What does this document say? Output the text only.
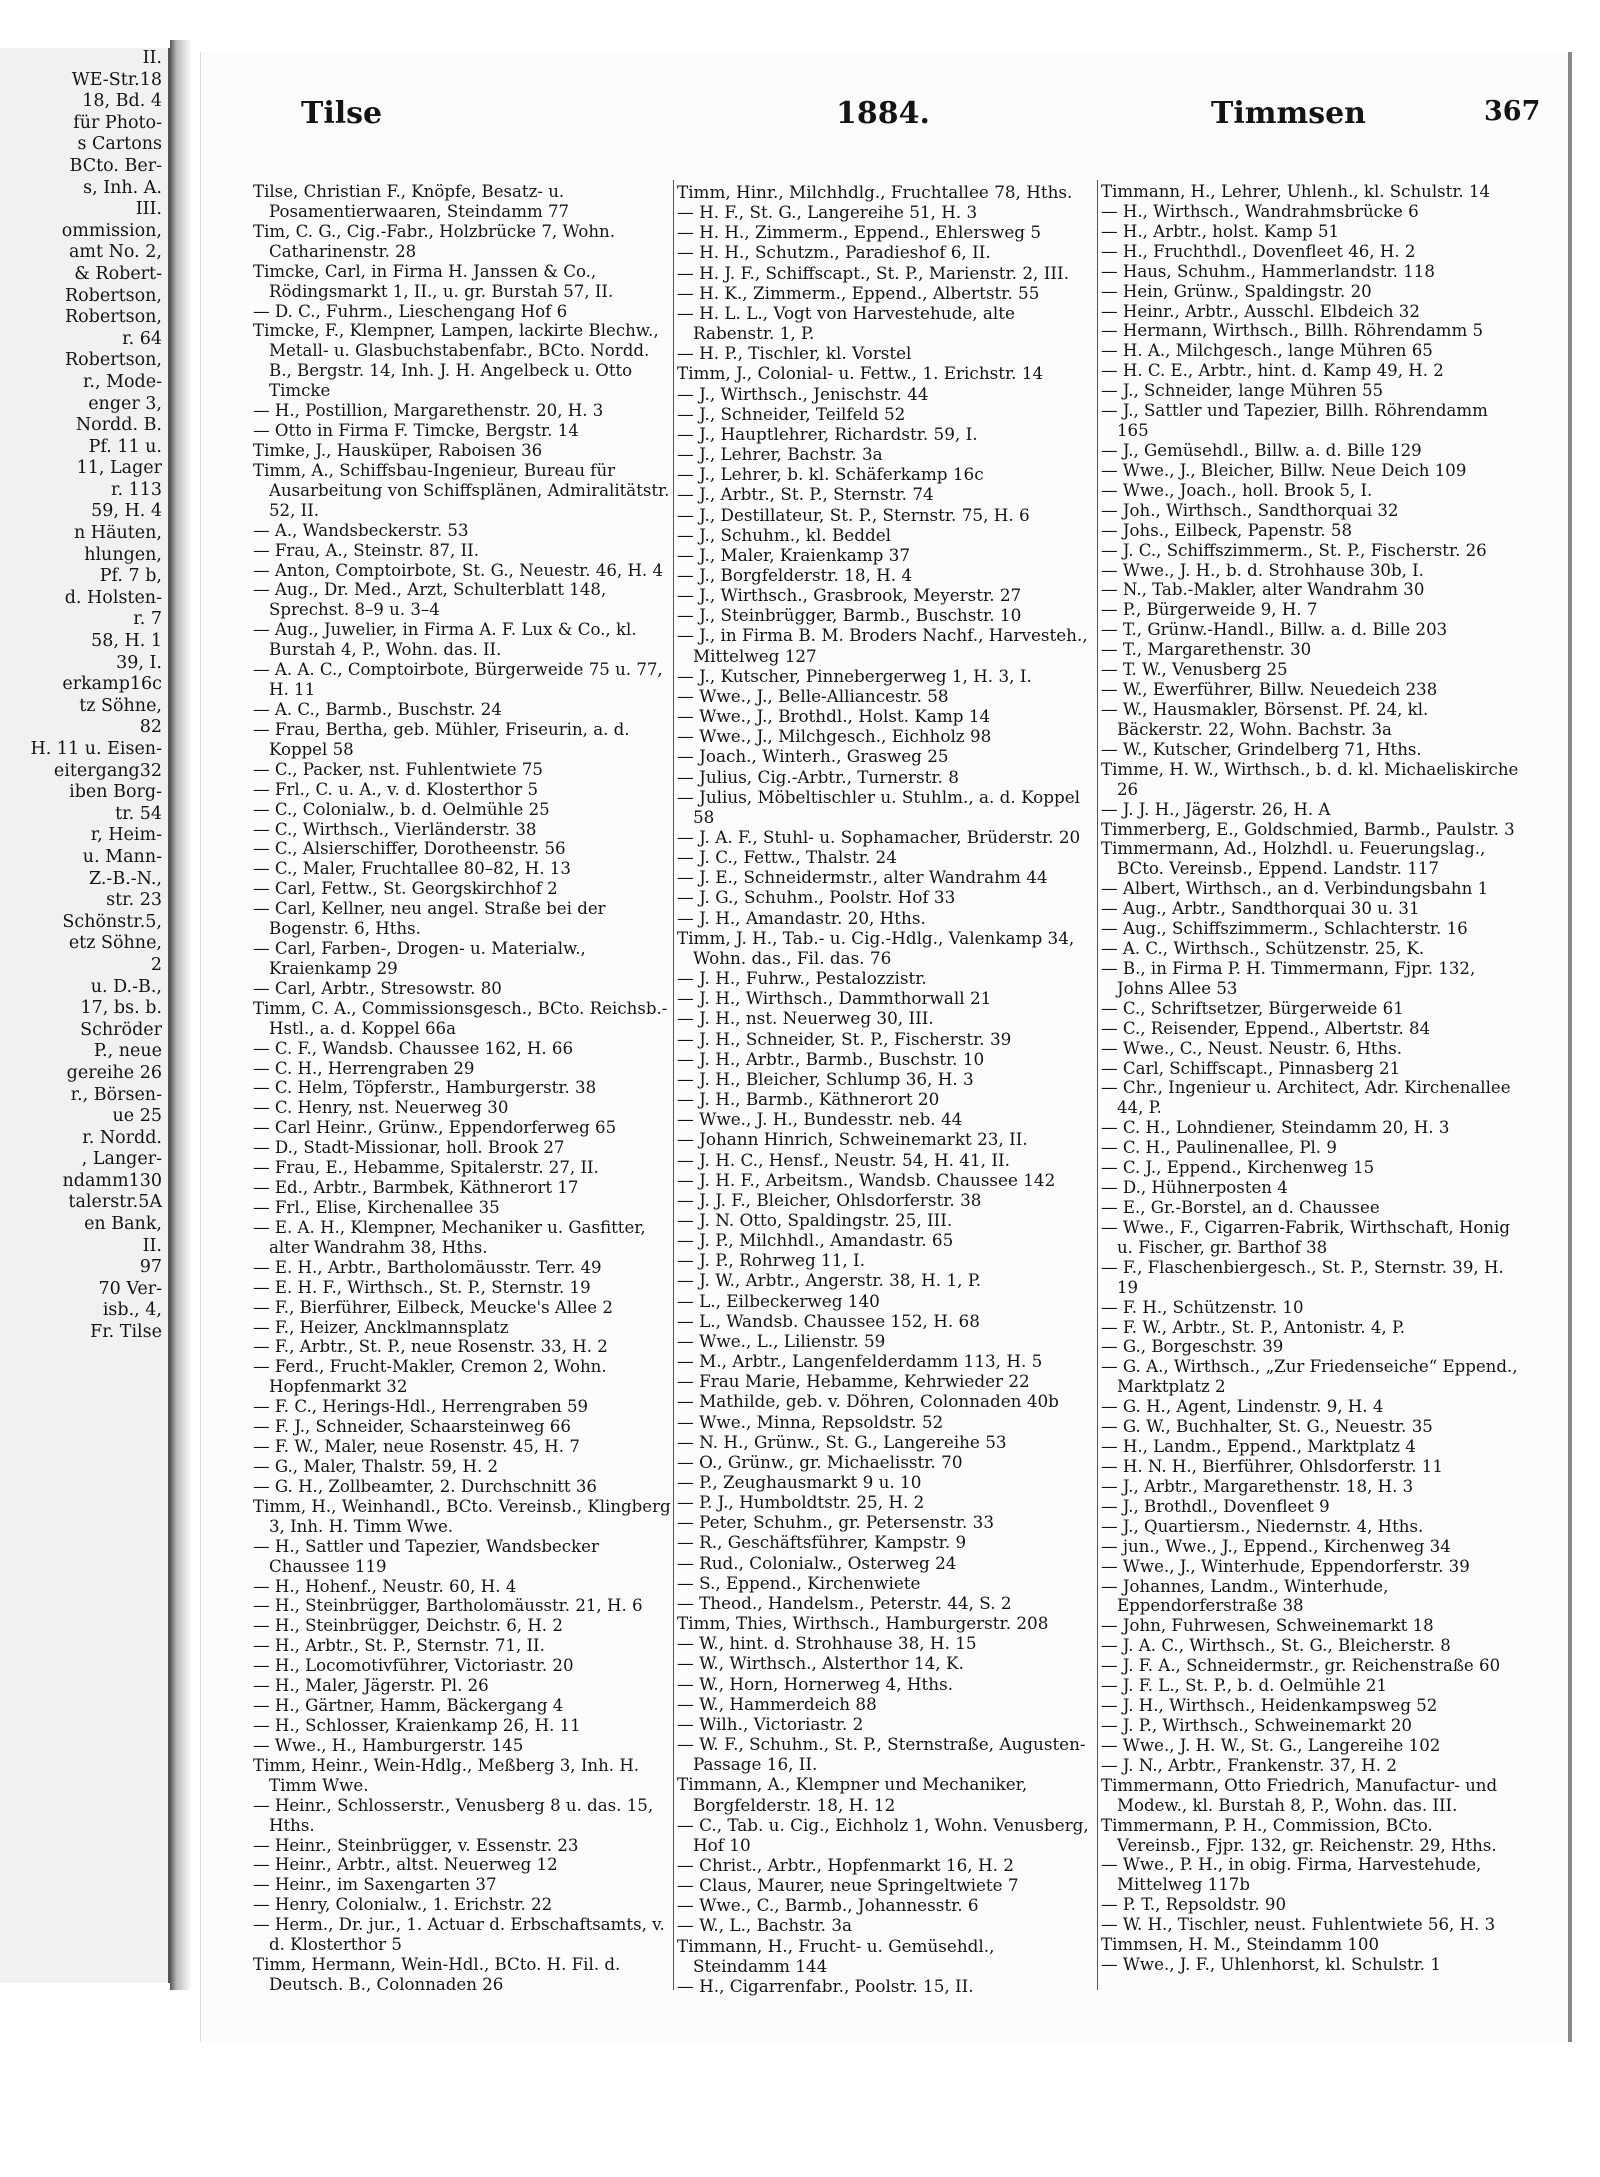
II.
WE-Str.18
18, Bd. 4
für Photo-
s Cartons
BCto. Ber-
s, Inh. A.
III.
ommission,
amt No. 2,
& Robert-
Robertson,
Robertson,
r. 64
Robertson,
r., Mode-
enger 3,
Nordd. B.
Pf. 11 u.
11, Lager
r. 113
59, H. 4
n Häuten,
hlungen,
Pf. 7 b,
d. Holsten-
r. 7
58, H. 1
39, I.
erkamp16c
tz Söhne,
82
H. 11 u. Eisen-
eitergang32
iben Borg-
tr. 54
r, Heim-
u. Mann-
Z.-B.-N.,
str. 23
Schönstr.5,
etz Söhne,
2
u. D.-B.,
17, bs. b.
Schröder
P., neue
gereihe 26
r., Börsen-
ue 25
r. Nordd.
, Langer-
ndamm130
talerstr.5A
en Bank,
II.
97
70 Ver-
isb., 4,
Fr. Tilse
Tilse	1884.	Timmsen	367

Tilse, Christian F., Knöpfe, Besatz- u. Posamentierwaaren, Steindamm 77

Tim, C. G., Cig.-Fabr., Holzbrücke 7, Wohn. Catharinenstr. 28

Timcke, Carl, in Firma H. Janssen & Co., Rödingsmarkt 1, II., u. gr. Burstah 57, II.

— D. C., Fuhrm., Lieschengang Hof 6

Timcke, F., Klempner, Lampen, lackirte Blechw., Metall- u. Glasbuchstabenfabr., BCto. Nordd. B., Bergstr. 14, Inh. J. H. Angelbeck u. Otto Timcke

— H., Postillion, Margarethenstr. 20, H. 3

— Otto in Firma F. Timcke, Bergstr. 14

Timke, J., Hausküper, Raboisen 36

Timm, A., Schiffsbau-Ingenieur, Bureau für Ausarbeitung von Schiffsplänen, Admiralitätstr. 52, II.

— A., Wandsbeckerstr. 53

— Frau, A., Steinstr. 87, II.

— Anton, Comptoirbote, St. G., Neuestr. 46, H. 4

— Aug., Dr. Med., Arzt, Schulterblatt 148, Sprechst. 8–9 u. 3–4

— Aug., Juwelier, in Firma A. F. Lux & Co., kl. Burstah 4, P., Wohn. das. II.

— A. A. C., Comptoirbote, Bürgerweide 75 u. 77, H. 11

— A. C., Barmb., Buschstr. 24

— Frau, Bertha, geb. Mühler, Friseurin, a. d. Koppel 58

— C., Packer, nst. Fuhlentwiete 75

— Frl., C. u. A., v. d. Klosterthor 5

— C., Colonialw., b. d. Oelmühle 25

— C., Wirthsch., Vierländerstr. 38

— C., Alsierschiffer, Dorotheenstr. 56

— C., Maler, Fruchtallee 80–82, H. 13

— Carl, Fettw., St. Georgskirchhof 2

— Carl, Kellner, neu angel. Straße bei der Bogenstr. 6, Hths.

— Carl, Farben-, Drogen- u. Materialw., Kraienkamp 29

— Carl, Arbtr., Stresowstr. 80

Timm, C. A., Commissionsgesch., BCto. Reichsb.-Hstl., a. d. Koppel 66a

— C. F., Wandsb. Chaussee 162, H. 66

— C. H., Herrengraben 29

— C. Helm, Töpferstr., Hamburgerstr. 38

— C. Henry, nst. Neuerweg 30

— Carl Heinr., Grünw., Eppendorferweg 65

— D., Stadt-Missionar, holl. Brook 27

— Frau, E., Hebamme, Spitalerstr. 27, II.

— Ed., Arbtr., Barmbek, Käthnerort 17

— Frl., Elise, Kirchenallee 35

— E. A. H., Klempner, Mechaniker u. Gasfitter, alter Wandrahm 38, Hths.

— E. H., Arbtr., Bartholomäusstr. Terr. 49

— E. H. F., Wirthsch., St. P., Sternstr. 19

— F., Bierführer, Eilbeck, Meucke's Allee 2

— F., Heizer, Ancklmannsplatz

— F., Arbtr., St. P., neue Rosenstr. 33, H. 2

— Ferd., Frucht-Makler, Cremon 2, Wohn. Hopfenmarkt 32

— F. C., Herings-Hdl., Herrengraben 59

— F. J., Schneider, Schaarsteinweg 66

— F. W., Maler, neue Rosenstr. 45, H. 7

— G., Maler, Thalstr. 59, H. 2

— G. H., Zollbeamter, 2. Durchschnitt 36

Timm, H., Weinhandl., BCto. Vereinsb., Klingberg 3, Inh. H. Timm Wwe.

— H., Sattler und Tapezier, Wandsbecker Chaussee 119

— H., Hohenf., Neustr. 60, H. 4

— H., Steinbrügger, Bartholomäusstr. 21, H. 6

— H., Steinbrügger, Deichstr. 6, H. 2

— H., Arbtr., St. P., Sternstr. 71, II.

— H., Locomotivführer, Victoriastr. 20

— H., Maler, Jägerstr. Pl. 26

— H., Gärtner, Hamm, Bäckergang 4

— H., Schlosser, Kraienkamp 26, H. 11

— Wwe., H., Hamburgerstr. 145

Timm, Heinr., Wein-Hdlg., Meßberg 3, Inh. H. Timm Wwe.

— Heinr., Schlosserstr., Venusberg 8 u. das. 15, Hths.

— Heinr., Steinbrügger, v. Essenstr. 23

— Heinr., Arbtr., altst. Neuerweg 12

— Heinr., im Saxengarten 37

— Henry, Colonialw., 1. Erichstr. 22

— Herm., Dr. jur., 1. Actuar d. Erbschaftsamts, v. d. Klosterthor 5

Timm, Hermann, Wein-Hdl., BCto. H. Fil. d. Deutsch. B., Colonnaden 26

Timm, Hinr., Milchhdlg., Fruchtallee 78, Hths.

— H. F., St. G., Langereihe 51, H. 3

— H. H., Zimmerm., Eppend., Ehlersweg 5

— H. H., Schutzm., Paradieshof 6, II.

— H. J. F., Schiffscapt., St. P., Marienstr. 2, III.

— H. K., Zimmerm., Eppend., Albertstr. 55

— H. L. L., Vogt von Harvestehude, alte Rabenstr. 1, P.

— H. P., Tischler, kl. Vorstel

Timm, J., Colonial- u. Fettw., 1. Erichstr. 14

— J., Wirthsch., Jenischstr. 44

— J., Schneider, Teilfeld 52

— J., Hauptlehrer, Richardstr. 59, I.

— J., Lehrer, Bachstr. 3a

— J., Lehrer, b. kl. Schäferkamp 16c

— J., Arbtr., St. P., Sternstr. 74

— J., Destillateur, St. P., Sternstr. 75, H. 6

— J., Schuhm., kl. Beddel

— J., Maler, Kraienkamp 37

— J., Borgfelderstr. 18, H. 4

— J., Wirthsch., Grasbrook, Meyerstr. 27

— J., Steinbrügger, Barmb., Buschstr. 10

— J., in Firma B. M. Broders Nachf., Harvesteh., Mittelweg 127

— J., Kutscher, Pinnebergerweg 1, H. 3, I.

— Wwe., J., Belle-Alliancestr. 58

— Wwe., J., Brothdl., Holst. Kamp 14

— Wwe., J., Milchgesch., Eichholz 98

— Joach., Winterh., Grasweg 25

— Julius, Cig.-Arbtr., Turnerstr. 8

— Julius, Möbeltischler u. Stuhlm., a. d. Koppel 58

— J. A. F., Stuhl- u. Sophamacher, Brüderstr. 20

— J. C., Fettw., Thalstr. 24

— J. E., Schneidermstr., alter Wandrahm 44

— J. G., Schuhm., Poolstr. Hof 33

— J. H., Amandastr. 20, Hths.

Timm, J. H., Tab.- u. Cig.-Hdlg., Valenkamp 34, Wohn. das., Fil. das. 76

— J. H., Fuhrw., Pestalozzistr.

— J. H., Wirthsch., Dammthorwall 21

— J. H., nst. Neuerweg 30, III.

— J. H., Schneider, St. P., Fischerstr. 39

— J. H., Arbtr., Barmb., Buschstr. 10

— J. H., Bleicher, Schlump 36, H. 3

— J. H., Barmb., Käthnerort 20

— Wwe., J. H., Bundesstr. neb. 44

— Johann Hinrich, Schweinemarkt 23, II.

— J. H. C., Hensf., Neustr. 54, H. 41, II.

— J. H. F., Arbeitsm., Wandsb. Chaussee 142

— J. J. F., Bleicher, Ohlsdorferstr. 38

— J. N. Otto, Spaldingstr. 25, III.

— J. P., Milchhdl., Amandastr. 65

— J. P., Rohrweg 11, I.

— J. W., Arbtr., Angerstr. 38, H. 1, P.

— L., Eilbeckerweg 140

— L., Wandsb. Chaussee 152, H. 68

— Wwe., L., Lilienstr. 59

— M., Arbtr., Langenfelderdamm 113, H. 5

— Frau Marie, Hebamme, Kehrwieder 22

— Mathilde, geb. v. Döhren, Colonnaden 40b

— Wwe., Minna, Repsoldstr. 52

— N. H., Grünw., St. G., Langereihe 53

— O., Grünw., gr. Michaelisstr. 70

— P., Zeughausmarkt 9 u. 10

— P. J., Humboldtstr. 25, H. 2

— Peter, Schuhm., gr. Petersenstr. 33

— R., Geschäftsführer, Kampstr. 9

— Rud., Colonialw., Osterweg 24

— S., Eppend., Kirchenwiete

— Theod., Handelsm., Peterstr. 44, S. 2

Timm, Thies, Wirthsch., Hamburgerstr. 208

— W., hint. d. Strohhause 38, H. 15

— W., Wirthsch., Alsterthor 14, K.

— W., Horn, Hornerweg 4, Hths.

— W., Hammerdeich 88

— Wilh., Victoriastr. 2

— W. F., Schuhm., St. P., Sternstraße, Augusten-Passage 16, II.

Timmann, A., Klempner und Mechaniker, Borgfelderstr. 18, H. 12

— C., Tab. u. Cig., Eichholz 1, Wohn. Venusberg, Hof 10

— Christ., Arbtr., Hopfenmarkt 16, H. 2

— Claus, Maurer, neue Springeltwiete 7

— Wwe., C., Barmb., Johannesstr. 6

— W., L., Bachstr. 3a

Timmann, H., Frucht- u. Gemüsehdl., Steindamm 144

— H., Cigarrenfabr., Poolstr. 15, II.

Timmann, H., Lehrer, Uhlenh., kl. Schulstr. 14

— H., Wirthsch., Wandrahmsbrücke 6

— H., Arbtr., holst. Kamp 51

— H., Fruchthdl., Dovenfleet 46, H. 2

— Haus, Schuhm., Hammerlandstr. 118

— Hein, Grünw., Spaldingstr. 20

— Heinr., Arbtr., Ausschl. Elbdeich 32

— Hermann, Wirthsch., Billh. Röhrendamm 5

— H. A., Milchgesch., lange Mühren 65

— H. C. E., Arbtr., hint. d. Kamp 49, H. 2

— J., Schneider, lange Mühren 55

— J., Sattler und Tapezier, Billh. Röhrendamm 165

— J., Gemüsehdl., Billw. a. d. Bille 129

— Wwe., J., Bleicher, Billw. Neue Deich 109

— Wwe., Joach., holl. Brook 5, I.

— Joh., Wirthsch., Sandthorquai 32

— Johs., Eilbeck, Papenstr. 58

— J. C., Schiffszimmerm., St. P., Fischerstr. 26

— Wwe., J. H., b. d. Strohhause 30b, I.

— N., Tab.-Makler, alter Wandrahm 30

— P., Bürgerweide 9, H. 7

— T., Grünw.-Handl., Billw. a. d. Bille 203

— T., Margarethenstr. 30

— T. W., Venusberg 25

— W., Ewerführer, Billw. Neuedeich 238

— W., Hausmakler, Börsenst. Pf. 24, kl. Bäckerstr. 22, Wohn. Bachstr. 3a

— W., Kutscher, Grindelberg 71, Hths.

Timme, H. W., Wirthsch., b. d. kl. Michaeliskirche 26

— J. J. H., Jägerstr. 26, H. A

Timmerberg, E., Goldschmied, Barmb., Paulstr. 3

Timmermann, Ad., Holzhdl. u. Feuerungslag., BCto. Vereinsb., Eppend. Landstr. 117

— Albert, Wirthsch., an d. Verbindungsbahn 1

— Aug., Arbtr., Sandthorquai 30 u. 31

— Aug., Schiffszimmerm., Schlachterstr. 16

— A. C., Wirthsch., Schützenstr. 25, K.

— B., in Firma P. H. Timmermann, Fjpr. 132, Johns Allee 53

— C., Schriftsetzer, Bürgerweide 61

— C., Reisender, Eppend., Albertstr. 84

— Wwe., C., Neust. Neustr. 6, Hths.

— Carl, Schiffscapt., Pinnasberg 21

— Chr., Ingenieur u. Architect, Adr. Kirchenallee 44, P.

— C. H., Lohndiener, Steindamm 20, H. 3

— C. H., Paulinenallee, Pl. 9

— C. J., Eppend., Kirchenweg 15

— D., Hühnerposten 4

— E., Gr.-Borstel, an d. Chaussee

— Wwe., F., Cigarren-Fabrik, Wirthschaft, Honig u. Fischer, gr. Barthof 38

— F., Flaschenbiergesch., St. P., Sternstr. 39, H. 19

— F. H., Schützenstr. 10

— F. W., Arbtr., St. P., Antonistr. 4, P.

— G., Borgeschstr. 39

— G. A., Wirthsch., „Zur Friedenseiche“ Eppend., Marktplatz 2

— G. H., Agent, Lindenstr. 9, H. 4

— G. W., Buchhalter, St. G., Neuestr. 35

— H., Landm., Eppend., Marktplatz 4

— H. N. H., Bierführer, Ohlsdorferstr. 11

— J., Arbtr., Margarethenstr. 18, H. 3

— J., Brothdl., Dovenfleet 9

— J., Quartiersm., Niedernstr. 4, Hths.

— jun., Wwe., J., Eppend., Kirchenweg 34

— Wwe., J., Winterhude, Eppendorferstr. 39

— Johannes, Landm., Winterhude, Eppendorferstraße 38

— John, Fuhrwesen, Schweinemarkt 18

— J. A. C., Wirthsch., St. G., Bleicherstr. 8

— J. F. A., Schneidermstr., gr. Reichenstraße 60

— J. F. L., St. P., b. d. Oelmühle 21

— J. H., Wirthsch., Heidenkampsweg 52

— J. P., Wirthsch., Schweinemarkt 20

— Wwe., J. H. W., St. G., Langereihe 102

— J. N., Arbtr., Frankenstr. 37, H. 2

Timmermann, Otto Friedrich, Manufactur- und Modew., kl. Burstah 8, P., Wohn. das. III.

Timmermann, P. H., Commission, BCto. Vereinsb., Fjpr. 132, gr. Reichenstr. 29, Hths.

— Wwe., P. H., in obig. Firma, Harvestehude, Mittelweg 117b

— P. T., Repsoldstr. 90

— W. H., Tischler, neust. Fuhlentwiete 56, H. 3

Timmsen, H. M., Steindamm 100

— Wwe., J. F., Uhlenhorst, kl. Schulstr. 1
